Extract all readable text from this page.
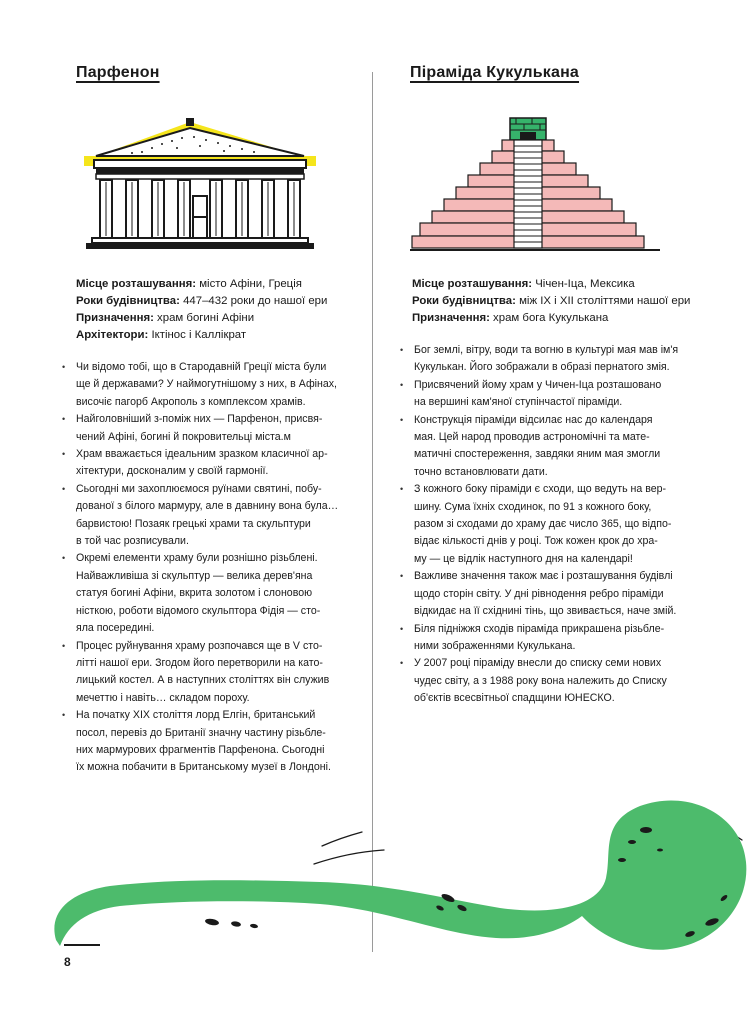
Парфенон
Місце розташування: місто Афіни, Греція
Роки будівництва: 447–432 роки до нашої ери
Призначення: храм богині Афіни
Архітектори: Іктінос і Каллікрат
• Чи відомо тобі, що в Стародавній Греції міста були
ще й державами? У наймогутнішому з них, в Афінах,
височіє пагорб Акрополь з комплексом храмів.
• Найголовніший з-поміж них — Парфенон, присвя-
чений Афіні, богині й покровительці міста.м
• Храм вважається ідеальним зразком класичної ар-
хітектури, досконалим у своїй гармонії.
• Сьогодні ми захоплюємося руїнами святині, побу-
дованої з білого мармуру, але в давнину вона була…
барвистою! Позаяк грецькі храми та скульптури
в той час розписували.
• Окремі елементи храму були рознішно різьблені.
Найважливіша зі скульптур — велика дерев'яна
статуя богині Афіни, вкрита золотом і слоновою
ністкою, роботи відомого скульптора Фідія — сто-
яла посередині.
• Процес руйнування храму розпочався ще в V сто-
літті нашої ери. Згодом його перетворили на като-
лицький костел. А в наступних століттях він служив
мечеттю і навіть… складом пороху.
• На початку XIX століття лорд Елгін, британський
посол, перевіз до Британії значну частину різьбле-
них мармурових фрагментів Парфенона. Сьогодні
їх можна побачити в Британському музеї в Лондоні.
Піраміда Кукулькана
Місце розташування: Чічен-Іца, Мексика
Роки будівництва: між IX і XII століттями нашої ери
Призначення: храм бога Кукулькана
• Бог землі, вітру, води та вогню в культурі мая мав ім'я
Кукулькан. Його зображали в образі пернатого змія.
• Присвячений йому храм у Чичен-Іца розташовано
на вершині кам'яної ступінчастої піраміди.
• Конструкція піраміди відсилає нас до календаря
мая. Цей народ проводив астрономічні та мате-
матичні спостереження, завдяки яним мая змогли
точно встановлювати дати.
• З кожного боку піраміди є сходи, що ведуть на вер-
шину. Сума їхніх сходинок, по 91 з кожного боку,
разом зі сходами до храму дає число 365, що відпо-
відає кількості днів у році. Тож кожен крок до хра-
му — це відлік наступного дня на календарі!
• Важливе значення також має і розташування будівлі
щодо сторін світу. У дні рівнодення ребро піраміди
відкидає на її східнині тінь, що звивається, наче змій.
• Біля підніжжя сходів піраміда прикрашена різьбле-
ними зображеннями Кукулькана.
• У 2007 році піраміду внесли до списку семи нових
чудес світу, а з 1988 року вона належить до Списку
об'єктів всесвітньої спадщини ЮНЕСКО.
8
